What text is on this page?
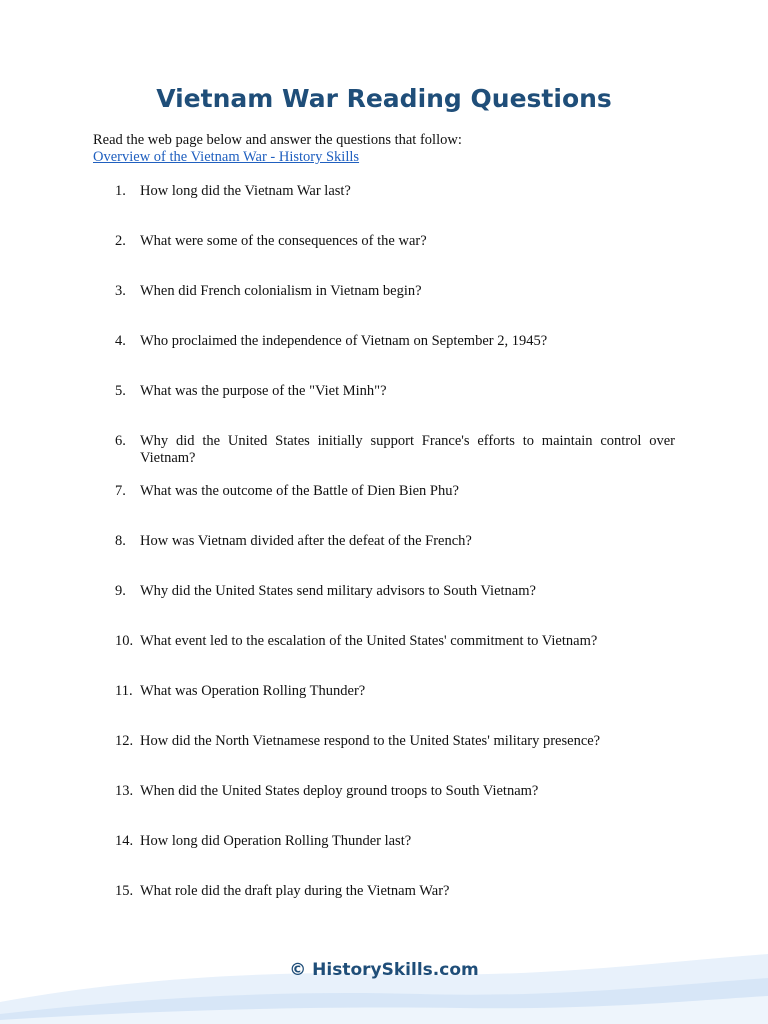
Vietnam War Reading Questions
Read the web page below and answer the questions that follow:
Overview of the Vietnam War - History Skills
1. How long did the Vietnam War last?
2. What were some of the consequences of the war?
3. When did French colonialism in Vietnam begin?
4. Who proclaimed the independence of Vietnam on September 2, 1945?
5. What was the purpose of the "Viet Minh"?
6. Why did the United States initially support France's efforts to maintain control over Vietnam?
7. What was the outcome of the Battle of Dien Bien Phu?
8. How was Vietnam divided after the defeat of the French?
9. Why did the United States send military advisors to South Vietnam?
10. What event led to the escalation of the United States' commitment to Vietnam?
11. What was Operation Rolling Thunder?
12. How did the North Vietnamese respond to the United States' military presence?
13. When did the United States deploy ground troops to South Vietnam?
14. How long did Operation Rolling Thunder last?
15. What role did the draft play during the Vietnam War?
© HistorySkills.com
